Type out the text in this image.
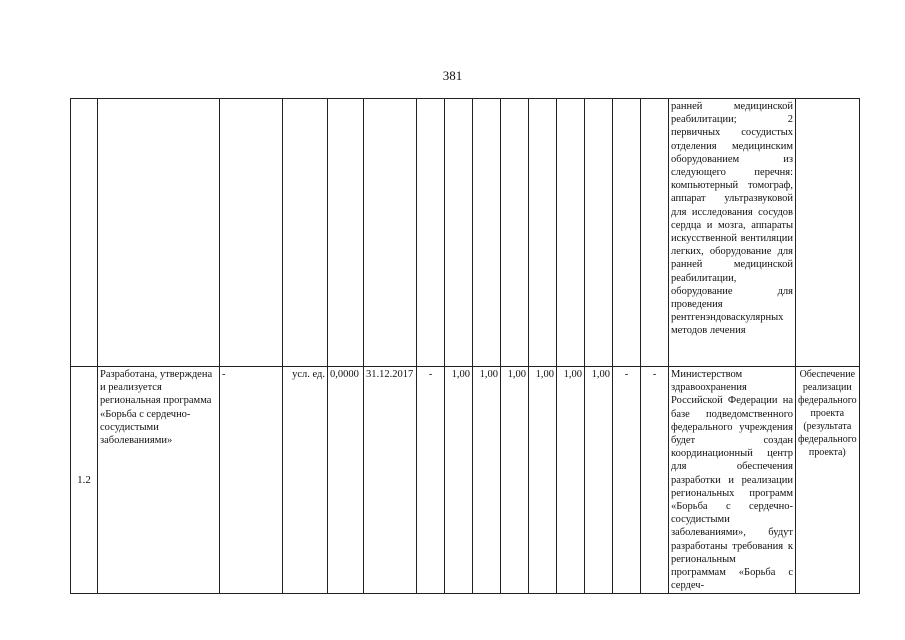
381
															ранней медицинской реабилитации; 2 первичных сосудистых отделения медицинским оборудованием из следующего перечня: компьютерный томограф, аппарат ультразвуковой для исследования сосудов сердца и мозга, аппараты искусственной вентиляции легких, оборудование для ранней медицинской реабилитации, оборудование для проведения рентгенэндоваскулярных методов лечения	
1.2	Разработана, утверждена и реализуется региональная программа «Борьба с сердечно-сосудистыми заболеваниями»	-	усл. ед.	0,0000	31.12.2017	-	1,00	1,00	1,00	1,00	1,00	1,00	-	-	Министерством здравоохранения Российской Федерации на базе подведомственного федерального учреждения будет создан координационный центр для обеспечения разработки и реализации региональных программ «Борьба с сердечно-сосудистыми заболеваниями», будут разработаны требования к региональным программам «Борьба с сердеч-	Обеспечение реализации федерального проекта (результата федерального проекта)
